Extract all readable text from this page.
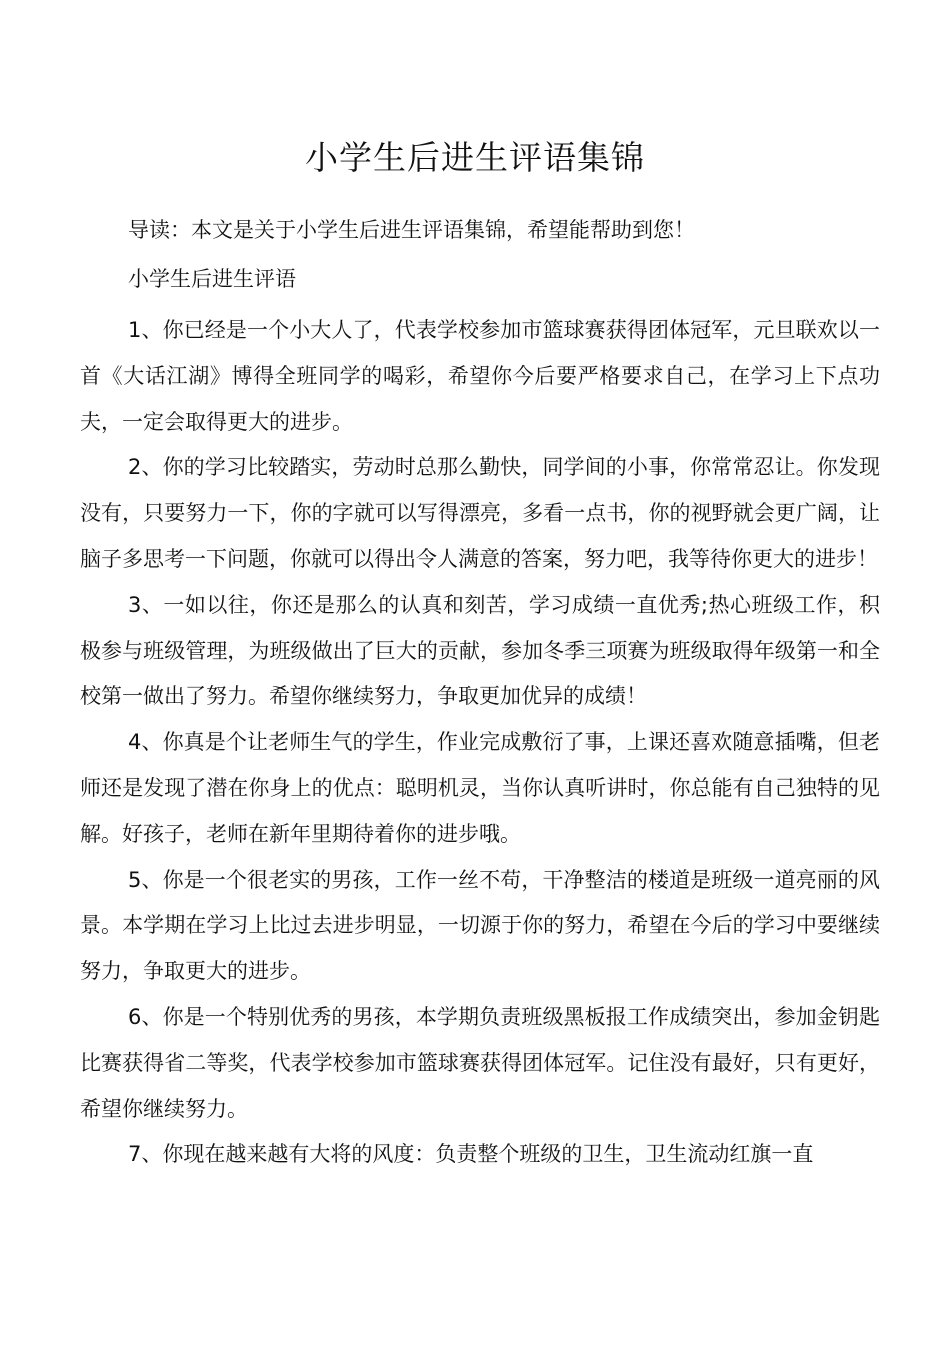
小学生后进生评语集锦

导读：本文是关于小学生后进生评语集锦，希望能帮助到您！

小学生后进生评语

1、你已经是一个小大人了，代表学校参加市篮球赛获得团体冠军，元旦联欢以一首《大话江湖》博得全班同学的喝彩，希望你今后要严格要求自己，在学习上下点功夫，一定会取得更大的进步。

2、你的学习比较踏实，劳动时总那么勤快，同学间的小事，你常常忍让。你发现没有，只要努力一下，你的字就可以写得漂亮，多看一点书，你的视野就会更广阔，让脑子多思考一下问题，你就可以得出令人满意的答案，努力吧，我等待你更大的进步！

3、一如以往，你还是那么的认真和刻苦，学习成绩一直优秀;热心班级工作，积极参与班级管理，为班级做出了巨大的贡献，参加冬季三项赛为班级取得年级第一和全校第一做出了努力。希望你继续努力，争取更加优异的成绩！

4、你真是个让老师生气的学生，作业完成敷衍了事，上课还喜欢随意插嘴，但老师还是发现了潜在你身上的优点：聪明机灵，当你认真听讲时，你总能有自己独特的见解。好孩子，老师在新年里期待着你的进步哦。

5、你是一个很老实的男孩，工作一丝不苟，干净整洁的楼道是班级一道亮丽的风景。本学期在学习上比过去进步明显，一切源于你的努力，希望在今后的学习中要继续努力，争取更大的进步。

6、你是一个特别优秀的男孩，本学期负责班级黑板报工作成绩突出，参加金钥匙比赛获得省二等奖，代表学校参加市篮球赛获得团体冠军。记住没有最好，只有更好，希望你继续努力。

7、你现在越来越有大将的风度：负责整个班级的卫生，卫生流动红旗一直
